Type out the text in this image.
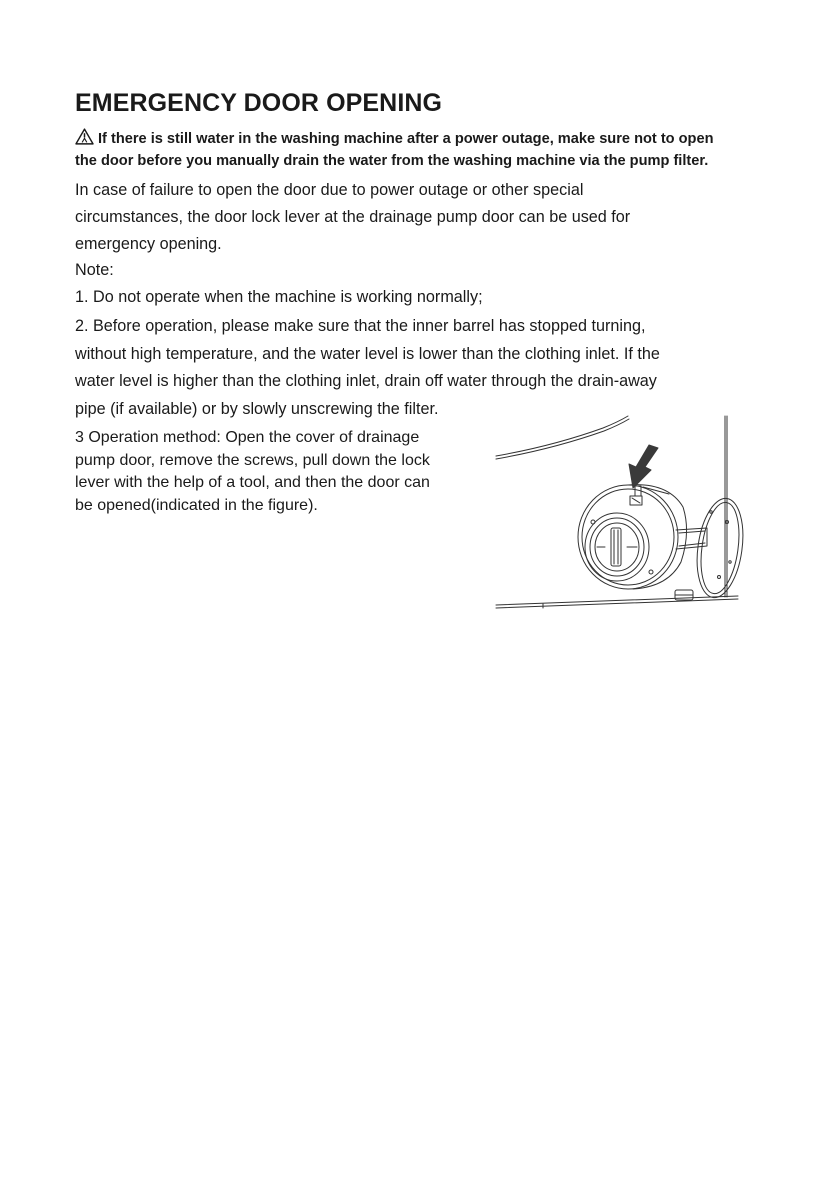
EMERGENCY DOOR OPENING

If there is still water in the washing machine after a power outage, make sure not to open
the door before you manually drain the water from the washing machine via the pump filter.

In case of failure to open the door due to power outage or other special
circumstances, the door lock lever at the drainage pump door can be used for
emergency opening.

Note:

1. Do not operate when the machine is working normally;

2. Before operation, please make sure that the inner barrel has stopped turning,
without high temperature, and the water level is lower than the clothing inlet. If the
water level is higher than the clothing inlet, drain off water through the drain-away
pipe (if available) or by slowly unscrewing the filter.

3 Operation method: Open the cover of drainage
pump door, remove the screws, pull down the lock
lever with the help of a tool, and then the door can
be opened(indicated in the figure).
